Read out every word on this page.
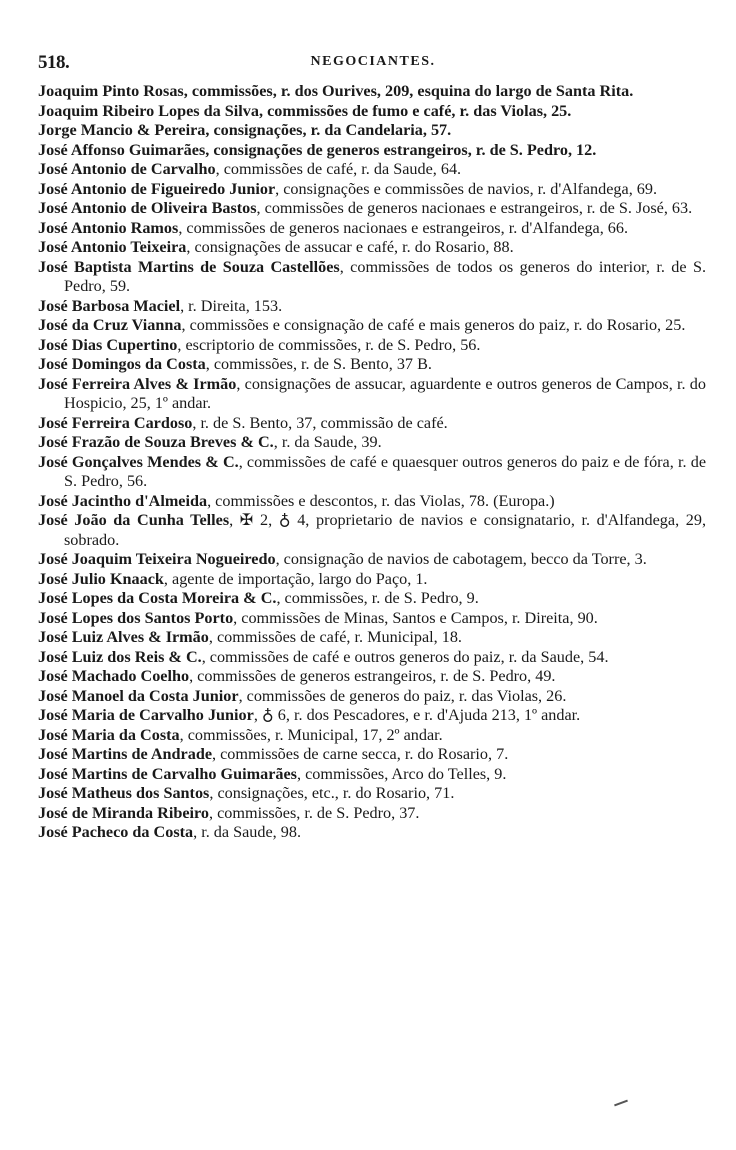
518.	NEGOCIANTES.

Joaquim Pinto Rosas, commissões, r. dos Ourives, 209, esquina do largo de Santa Rita.

Joaquim Ribeiro Lopes da Silva, commissões de fumo e café, r. das Violas, 25.

Jorge Mancio & Pereira, consignações, r. da Candelaria, 57.

José Affonso Guimarães, consignações de generos estrangeiros, r. de S. Pedro, 12.

José Antonio de Carvalho, commissões de café, r. da Saude, 64.

José Antonio de Figueiredo Junior, consignações e commissões de navios, r. d'Alfandega, 69.

José Antonio de Oliveira Bastos, commissões de generos nacionaes e estrangeiros, r. de S. José, 63.

José Antonio Ramos, commissões de generos nacionaes e estrangeiros, r. d'Alfandega, 66.

José Antonio Teixeira, consignações de assucar e café, r. do Rosario, 88.

José Baptista Martins de Souza Castellões, commissões de todos os generos do interior, r. de S. Pedro, 59.

José Barbosa Maciel, r. Direita, 153.

José da Cruz Vianna, commissões e consignação de café e mais generos do paiz, r. do Rosario, 25.

José Dias Cupertino, escriptorio de commissões, r. de S. Pedro, 56.

José Domingos da Costa, commissões, r. de S. Bento, 37 B.

José Ferreira Alves & Irmão, consignações de assucar, aguardente e outros generos de Campos, r. do Hospicio, 25, 1º andar.

José Ferreira Cardoso, r. de S. Bento, 37, commissão de café.

José Frazão de Souza Breves & C., r. da Saude, 39.

José Gonçalves Mendes & C., commissões de café e quaesquer outros generos do paiz e de fóra, r. de S. Pedro, 56.

José Jacintho d'Almeida, commissões e descontos, r. das Violas, 78. (Europa.)

José João da Cunha Telles, ✠ 2, ♁ 4, proprietario de navios e consignatario, r. d'Alfandega, 29, sobrado.

José Joaquim Teixeira Nogueiredo, consignação de navios de cabotagem, becco da Torre, 3.

José Julio Knaack, agente de importação, largo do Paço, 1.

José Lopes da Costa Moreira & C., commissões, r. de S. Pedro, 9.

José Lopes dos Santos Porto, commissões de Minas, Santos e Campos, r. Direita, 90.

José Luiz Alves & Irmão, commissões de café, r. Municipal, 18.

José Luiz dos Reis & C., commissões de café e outros generos do paiz, r. da Saude, 54.

José Machado Coelho, commissões de generos estrangeiros, r. de S. Pedro, 49.

José Manoel da Costa Junior, commissões de generos do paiz, r. das Violas, 26.

José Maria de Carvalho Junior, ♁ 6, r. dos Pescadores, e r. d'Ajuda 213, 1º andar.

José Maria da Costa, commissões, r. Municipal, 17, 2º andar.

José Martins de Andrade, commissões de carne secca, r. do Rosario, 7.

José Martins de Carvalho Guimarães, commissões, Arco do Telles, 9.

José Matheus dos Santos, consignações, etc., r. do Rosario, 71.

José de Miranda Ribeiro, commissões, r. de S. Pedro, 37.

José Pacheco da Costa, r. da Saude, 98.
